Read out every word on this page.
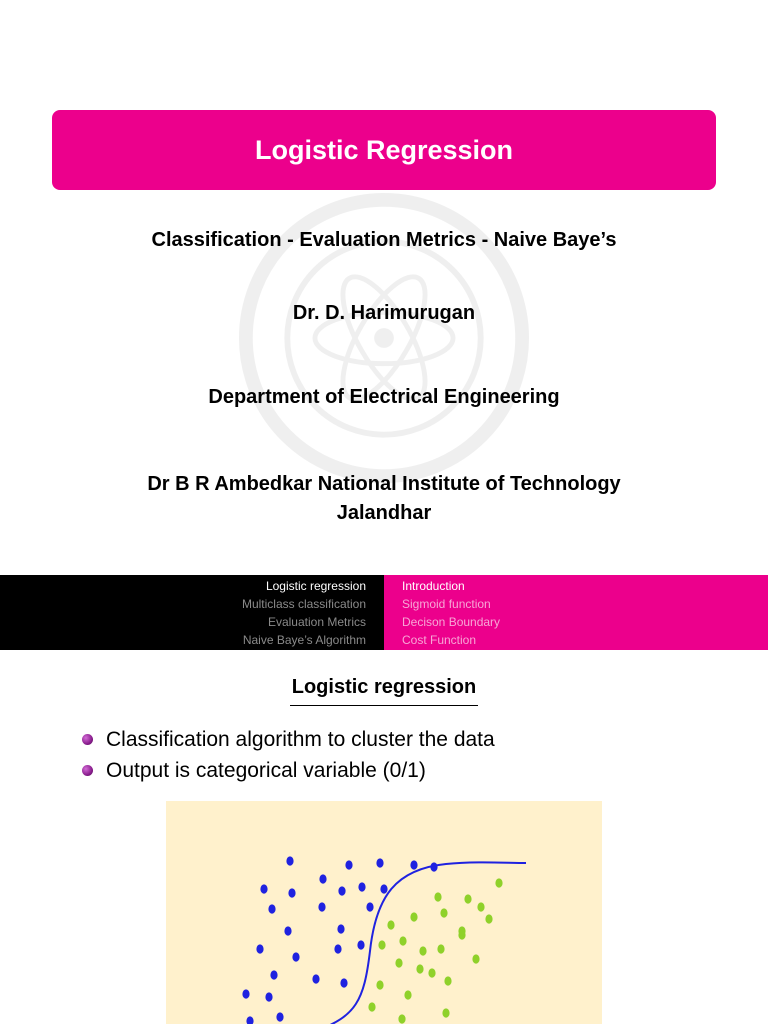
Logistic Regression
Classification - Evaluation Metrics - Naive Baye’s
Dr. D. Harimurugan
Department of Electrical Engineering
Dr B R Ambedkar National Institute of Technology
Jalandhar
Logistic regression
Multiclass classification
Evaluation Metrics
Naive Baye’s Algorithm
Introduction
Sigmoid function
Decison Boundary
Cost Function
Logistic regression
Classification algorithm to cluster the data
Output is categorical variable (0/1)
